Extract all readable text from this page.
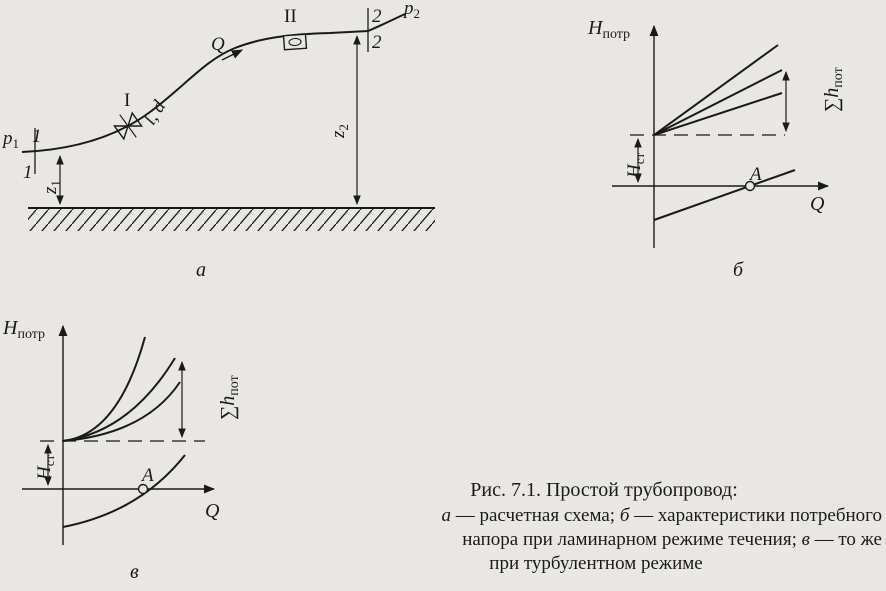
$p_1$ 1
1
$z_1$
I l, d
Q
II	2
2
$p_2$
$z_2$
а
$H_{потр}$
Q
A
$H_{ст}$
$\sum h_{пот}$
б
$H_{потр}$
Q
A
$H_{ст}$
$\sum h_{пот}$
в
Рис. 7.1. Простой трубопровод:
а — расчетная схема; б — характеристики потребного
напора при ламинарном режиме течения; в — то же
при турбулентном режиме
